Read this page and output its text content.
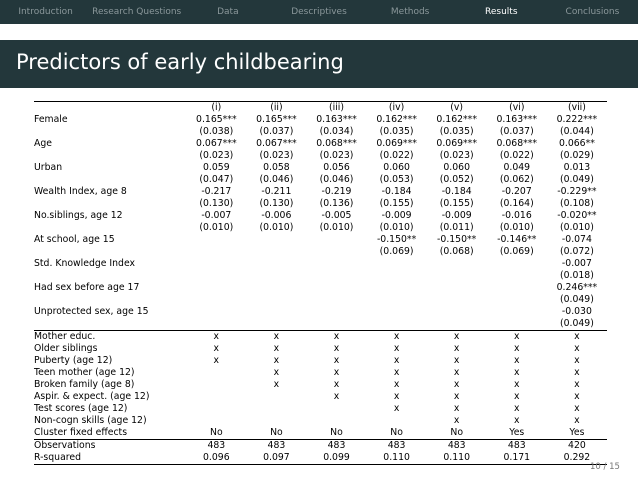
Introduction	Research Questions	Data	Descriptives	Methods	Results	Conclusions
Predictors of early childbearing
	(i)	(ii)	(iii)	(iv)	(v)	(vi)	(vii)
Female	0.165***	0.165***	0.163***	0.162***	0.162***	0.163***	0.222***
	(0.038)	(0.037)	(0.034)	(0.035)	(0.035)	(0.037)	(0.044)
Age	0.067***	0.067***	0.068***	0.069***	0.069***	0.068***	0.066**
	(0.023)	(0.023)	(0.023)	(0.022)	(0.023)	(0.022)	(0.029)
Urban	0.059	0.058	0.056	0.060	0.060	0.049	0.013
	(0.047)	(0.046)	(0.046)	(0.053)	(0.052)	(0.062)	(0.049)
Wealth Index, age 8	-0.217	-0.211	-0.219	-0.184	-0.184	-0.207	-0.229**
	(0.130)	(0.130)	(0.136)	(0.155)	(0.155)	(0.164)	(0.108)
No.siblings, age 12	-0.007	-0.006	-0.005	-0.009	-0.009	-0.016	-0.020**
	(0.010)	(0.010)	(0.010)	(0.010)	(0.011)	(0.010)	(0.010)
At school, age 15				-0.150**	-0.150**	-0.146**	-0.074
				(0.069)	(0.068)	(0.069)	(0.072)
Std. Knowledge Index							-0.007
							(0.018)
Had sex before age 17							0.246***
							(0.049)
Unprotected sex, age 15							-0.030
							(0.049)
Mother educ.	x	x	x	x	x	x	x
Older siblings	x	x	x	x	x	x	x
Puberty (age 12)	x	x	x	x	x	x	x
Teen mother (age 12)		x	x	x	x	x	x
Broken family (age 8)		x	x	x	x	x	x
Aspir. & expect. (age 12)			x	x	x	x	x
Test scores (age 12)				x	x	x	x
Non-cogn skills (age 12)					x	x	x
Cluster fixed effects	No	No	No	No	No	Yes	Yes
Observations	483	483	483	483	483	483	420
R-squared	0.096	0.097	0.099	0.110	0.110	0.171	0.292
10 / 15
